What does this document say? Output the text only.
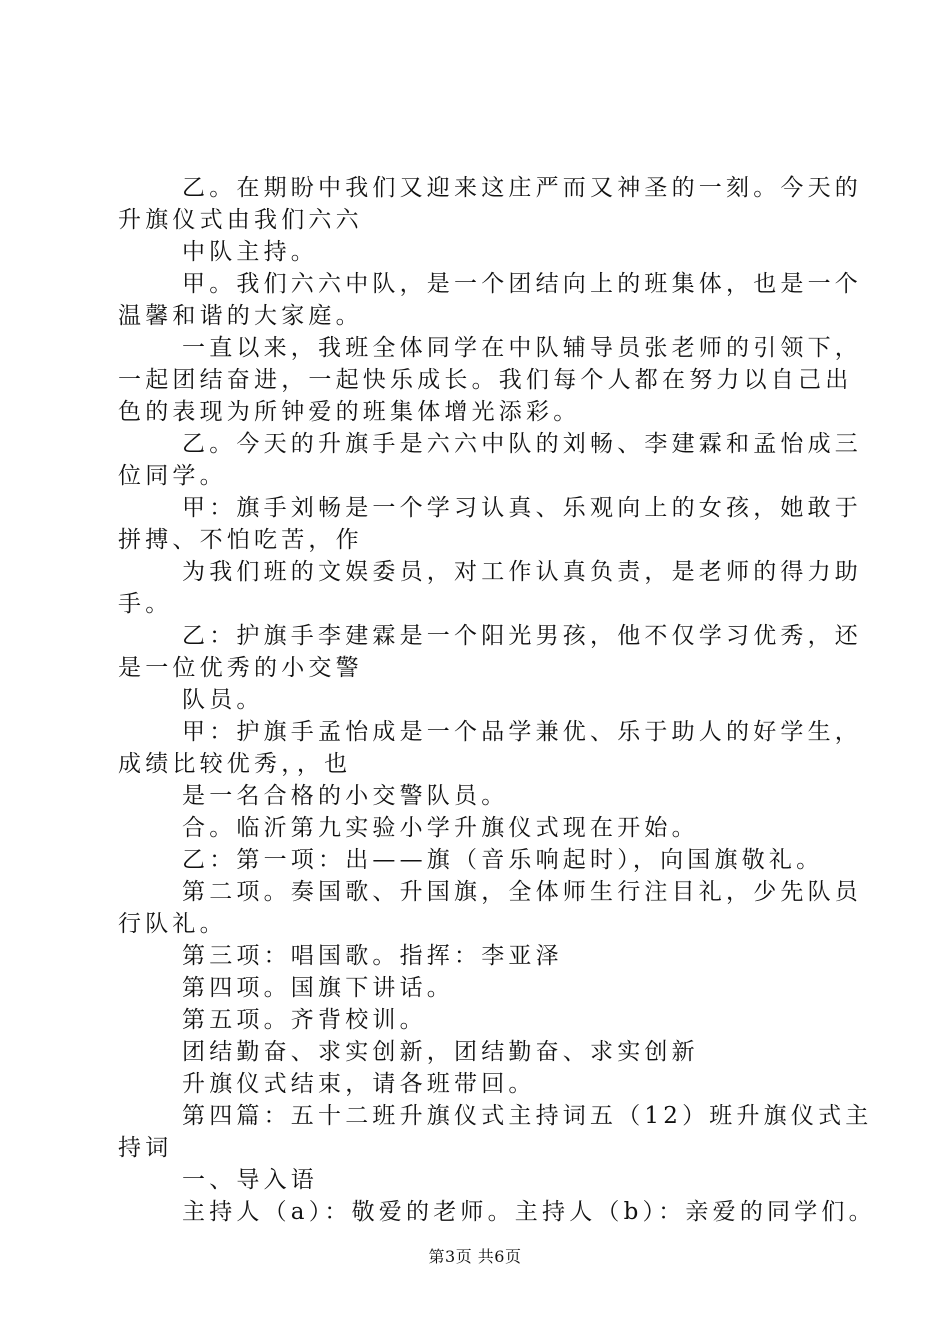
乙。在期盼中我们又迎来这庄严而又神圣的一刻。今天的
升旗仪式由我们六六
中队主持。
甲。我们六六中队，是一个团结向上的班集体，也是一个
温馨和谐的大家庭。
一直以来，我班全体同学在中队辅导员张老师的引领下，
一起团结奋进，一起快乐成长。我们每个人都在努力以自己出
色的表现为所钟爱的班集体增光添彩。
乙。今天的升旗手是六六中队的刘畅、李建霖和孟怡成三
位同学。
甲：旗手刘畅是一个学习认真、乐观向上的女孩，她敢于
拼搏、不怕吃苦，作
为我们班的文娱委员，对工作认真负责，是老师的得力助
手。
乙：护旗手李建霖是一个阳光男孩，他不仅学习优秀，还
是一位优秀的小交警
队员。
甲：护旗手孟怡成是一个品学兼优、乐于助人的好学生，
成绩比较优秀，，也
是一名合格的小交警队员。
合。临沂第九实验小学升旗仪式现在开始。
乙：第一项：出——旗（音乐响起时），向国旗敬礼。
第二项。奏国歌、升国旗，全体师生行注目礼，少先队员
行队礼。
第三项：唱国歌。指挥：李亚泽
第四项。国旗下讲话。
第五项。齐背校训。
团结勤奋、求实创新，团结勤奋、求实创新
升旗仪式结束，请各班带回。
第四篇：五十二班升旗仪式主持词五（12）班升旗仪式主
持词
一、导入语
主持人（a）：敬爱的老师。主持人（b）：亲爱的同学们。
第3页 共6页
